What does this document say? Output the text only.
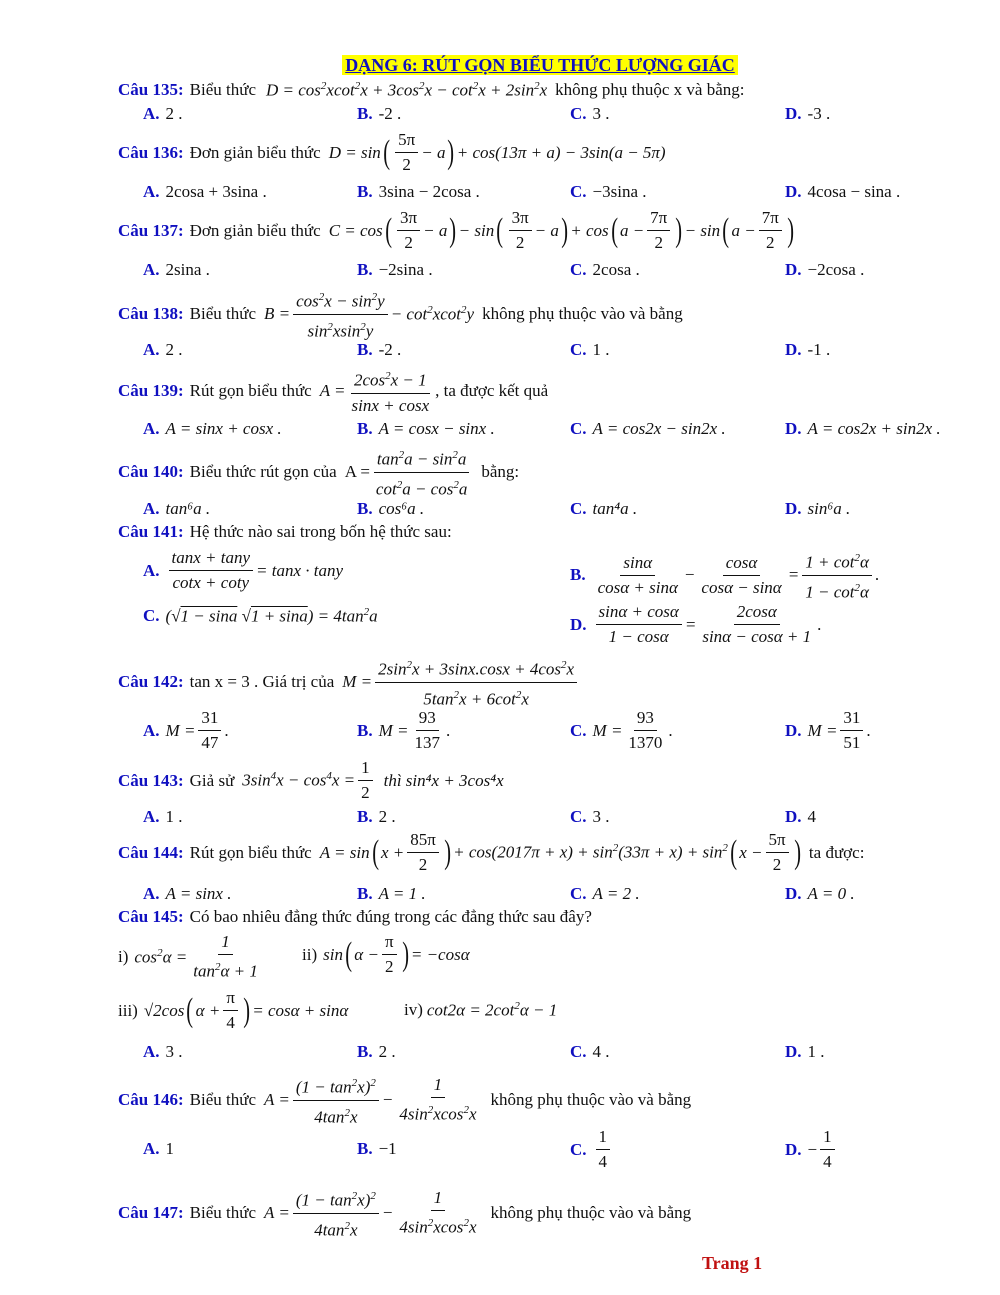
DẠNG 6: RÚT GỌN BIỂU THỨC LƯỢNG GIÁC
Câu 135: Biểu thức $D = \cos^2xcot^2x + 3\cos^2x - \cot^2x + 2\sin^2x$ không phụ thuộc x và bằng:
A. 2 .	B. -2 .	C. 3 .	D. -3 .
Câu 136: Đơn giản biểu thức D = sin ( $\frac{5\pi}{2} - a$ ) + cos(13π + a) − 3sin(a − 5π)
A. 2cosa + 3sina .	B. 3sina − 2cosa .	C. −3sina .	D. 4cosa − sina .
Câu 137: Đơn giản biểu thức C = cos ( $\frac{3\pi}{2} - a$ ) − sin ( $\frac{3\pi}{2} - a$ ) + cos ( $a - \frac{7\pi}{2}$ ) − sin ( $a - \frac{7\pi}{2}$ )
A. 2sina .	B. −2sina .	C. 2cosa .	D. −2cosa .
Câu 138: Biểu thức $B = \frac{\cos^2x - \sin^2y}{\sin^2xsin^2y} - \cot^2xcot^2y$ không phụ thuộc vào và bằng
A. 2 .	B. -2 .	C. 1 .	D. -1 .
Câu 139: Rút gọn biểu thức $A = \frac{2\cos^2x - 1}{\sin x + \cos x}$ , ta được kết quả
A. A = sinx + cosx .	B. A = cosx − sinx .	C. A = cos2x − sin2x .	D. A = cos2x + sin2x .
Câu 140: Biểu thức rút gọn của $A = \frac{\tan^2a - \sin^2a}{\cot^2a - \cos^2a}$ bằng:
A. tan⁶a .	B. cos⁶a .	C. tan⁴a .	D. sin⁶a .
Câu 141: Hệ thức nào sai trong bốn hệ thức sau:
A. $\frac{\tan x + \tan y}{\cot x + \cot y} = \tan x \cdot \tan y$	B. $\frac{\sin\alpha}{\cos\alpha + \sin\alpha} - \frac{\cos\alpha}{\cos\alpha - \sin\alpha} = \frac{1 + \cot^2\alpha}{1 - \cot^2\alpha}$ .
C. (√1 − sina $√1 + \sin a) = 4\tan^2a$	D. $\frac{\sin\alpha + \cos\alpha}{1 - \cos\alpha} = \frac{2\cos\alpha}{\sin\alpha - \cos\alpha + 1}$ .
Câu 142: tan x = 3 . Giá trị của $M = \frac{2\sin^2x + 3\sin x.\cos x + 4\cos^2x}{5\tan^2x + 6\cot^2x}$
A. $M = \frac{31}{47}$ .	B. $M = \frac{93}{137}$ .	C. $M = \frac{93}{1370}$ .	D. $M = \frac{31}{51}$ .
Câu 143: Giả sử $3\sin^4x - \cos^4x = \frac{1}{2}$ thì sin⁴x + 3cos⁴x
A. 1 .	B. 2 .	C. 3 .	D. 4
Câu 144: Rút gọn biểu thức A = sin ( $x + \frac{85\pi}{2}$ ) + $\cos(2017\pi + x) + \sin^2(33\pi + x) + \sin^2$ ( $x - \frac{5\pi}{2}$ ) ta được:
A. A = sinx .	B. A = 1 .	C. A = 2 .	D. A = 0 .
Câu 145: Có bao nhiêu đẳng thức đúng trong các đẳng thức sau đây?
i) $\cos^2\alpha = \frac{1}{\tan^2\alpha + 1} ii$) sin ( $\alpha - \frac{\pi}{2}$ ) = −cosα
iii) √2cos ( $\alpha + \frac{\pi}{4}$ ) = cosα + sinα	iv) $\cot 2\alpha = 2\cot^2\alpha - 1$
A. 3 .	B. 2 .	C. 4 .	D. 1 .
Câu 146: Biểu thức $A = \frac{(1 - \tan^2x)^2}{4\tan^2x} - \frac{1}{4\sin^2xcos^2x}$ không phụ thuộc vào và bằng
A. 1	B. −1	C. $\frac{1}{4}$	D. − $\frac{1}{4}$
Câu 147: Biểu thức $A = \frac{(1 - \tan^2x)^2}{4\tan^2x} - \frac{1}{4\sin^2xcos^2x}$ không phụ thuộc vào và bằng
Trang 1
